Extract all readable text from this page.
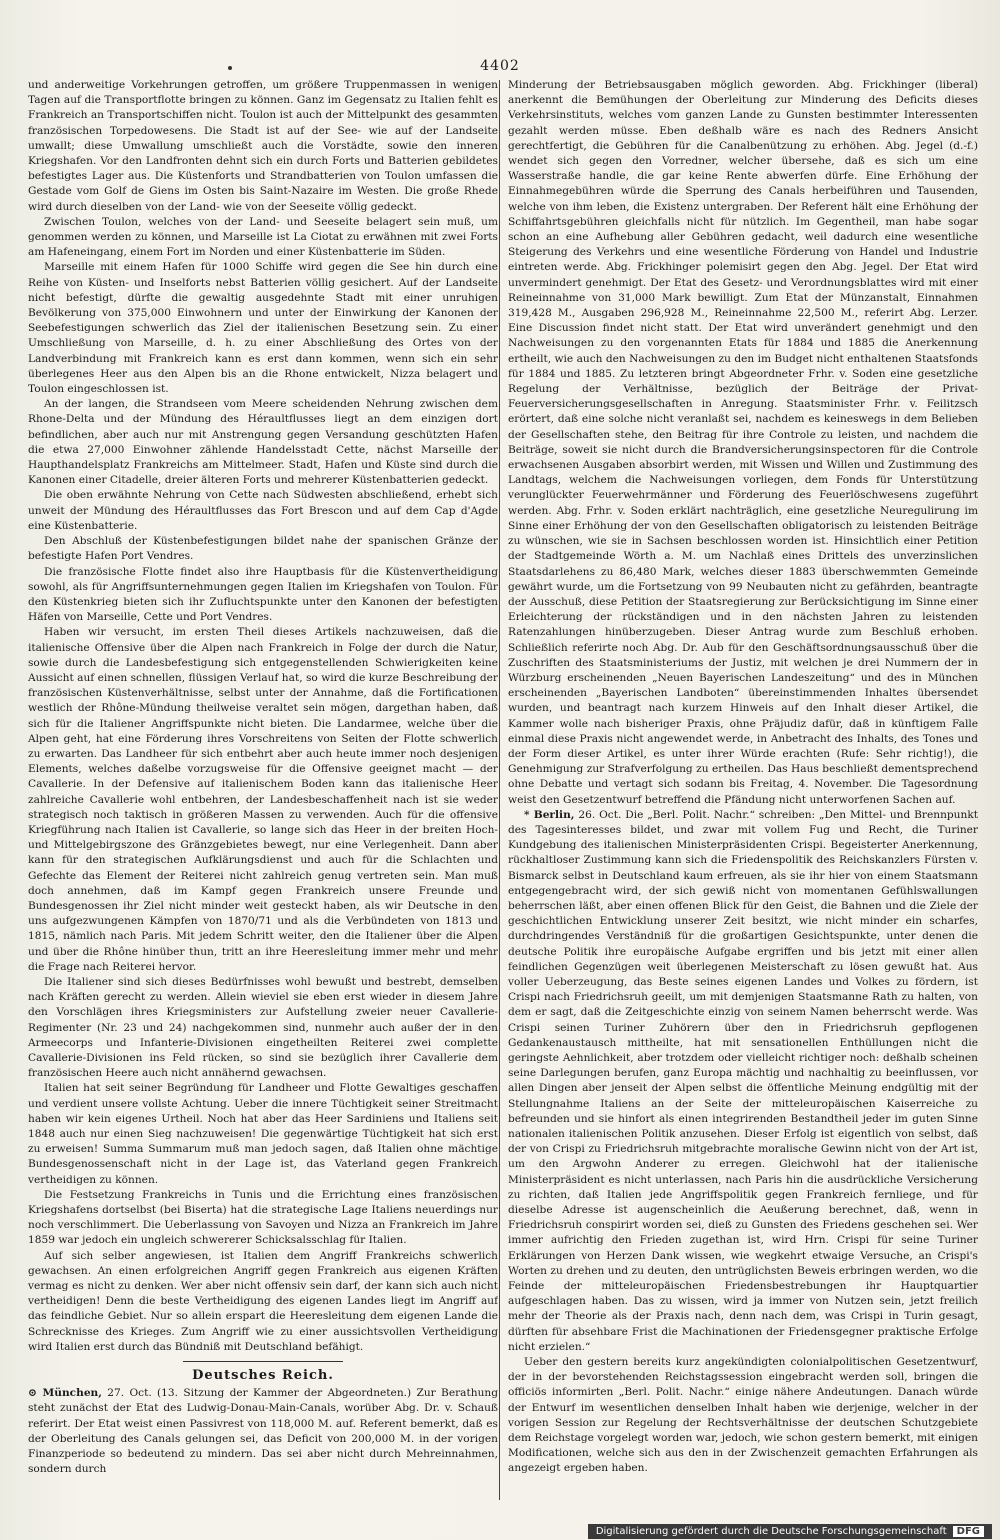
4402

und anderweitige Vorkehrungen getroffen, um größere Truppenmassen in wenigen Tagen auf die Transportflotte bringen zu können. Ganz im Gegensatz zu Italien fehlt es Frankreich an Transportschiffen nicht. Toulon ist auch der Mittelpunkt des gesammten französischen Torpedowesens. Die Stadt ist auf der See- wie auf der Landseite umwallt; diese Umwallung umschließt auch die Vorstädte, sowie den inneren Kriegshafen. Vor den Landfronten dehnt sich ein durch Forts und Batterien gebildetes befestigtes Lager aus. Die Küstenforts und Strandbatterien von Toulon umfassen die Gestade vom Golf de Giens im Osten bis Saint-Nazaire im Westen. Die große Rhede wird durch dieselben von der Land- wie von der Seeseite völlig gedeckt.

Zwischen Toulon, welches von der Land- und Seeseite belagert sein muß, um genommen werden zu können, und Marseille ist La Ciotat zu erwähnen mit zwei Forts am Hafeneingang, einem Fort im Norden und einer Küstenbatterie im Süden.

Marseille mit einem Hafen für 1000 Schiffe wird gegen die See hin durch eine Reihe von Küsten- und Inselforts nebst Batterien völlig gesichert. Auf der Landseite nicht befestigt, dürfte die gewaltig ausgedehnte Stadt mit einer unruhigen Bevölkerung von 375,000 Einwohnern und unter der Einwirkung der Kanonen der Seebefestigungen schwerlich das Ziel der italienischen Besetzung sein. Zu einer Umschließung von Marseille, d. h. zu einer Abschließung des Ortes von der Landverbindung mit Frankreich kann es erst dann kommen, wenn sich ein sehr überlegenes Heer aus den Alpen bis an die Rhone entwickelt, Nizza belagert und Toulon eingeschlossen ist.

An der langen, die Strandseen vom Meere scheidenden Nehrung zwischen dem Rhone-Delta und der Mündung des Héraultflusses liegt an dem einzigen dort befindlichen, aber auch nur mit Anstrengung gegen Versandung geschützten Hafen die etwa 27,000 Einwohner zählende Handelsstadt Cette, nächst Marseille der Haupthandelsplatz Frankreichs am Mittelmeer. Stadt, Hafen und Küste sind durch die Kanonen einer Citadelle, dreier älteren Forts und mehrerer Küstenbatterien gedeckt.

Die oben erwähnte Nehrung von Cette nach Südwesten abschließend, erhebt sich unweit der Mündung des Héraultflusses das Fort Brescon und auf dem Cap d'Agde eine Küstenbatterie.

Den Abschluß der Küstenbefestigungen bildet nahe der spanischen Gränze der befestigte Hafen Port Vendres.

Die französische Flotte findet also ihre Hauptbasis für die Küstenvertheidigung sowohl, als für Angriffsunternehmungen gegen Italien im Kriegshafen von Toulon. Für den Küstenkrieg bieten sich ihr Zufluchtspunkte unter den Kanonen der befestigten Häfen von Marseille, Cette und Port Vendres.

Haben wir versucht, im ersten Theil dieses Artikels nachzuweisen, daß die italienische Offensive über die Alpen nach Frankreich in Folge der durch die Natur, sowie durch die Landesbefestigung sich entgegenstellenden Schwierigkeiten keine Aussicht auf einen schnellen, flüssigen Verlauf hat, so wird die kurze Beschreibung der französischen Küstenverhältnisse, selbst unter der Annahme, daß die Fortificationen westlich der Rhône-Mündung theilweise veraltet sein mögen, dargethan haben, daß sich für die Italiener Angriffspunkte nicht bieten. Die Landarmee, welche über die Alpen geht, hat eine Förderung ihres Vorschreitens von Seiten der Flotte schwerlich zu erwarten. Das Landheer für sich entbehrt aber auch heute immer noch desjenigen Elements, welches daßelbe vorzugsweise für die Offensive geeignet macht — der Cavallerie. In der Defensive auf italienischem Boden kann das italienische Heer zahlreiche Cavallerie wohl entbehren, der Landesbeschaffenheit nach ist sie weder strategisch noch taktisch in größeren Massen zu verwenden. Auch für die offensive Kriegführung nach Italien ist Cavallerie, so lange sich das Heer in der breiten Hoch- und Mittelgebirgszone des Gränzgebietes bewegt, nur eine Verlegenheit. Dann aber kann für den strategischen Aufklärungsdienst und auch für die Schlachten und Gefechte das Element der Reiterei nicht zahlreich genug vertreten sein. Man muß doch annehmen, daß im Kampf gegen Frankreich unsere Freunde und Bundesgenossen ihr Ziel nicht minder weit gesteckt haben, als wir Deutsche in den uns aufgezwungenen Kämpfen von 1870/71 und als die Verbündeten von 1813 und 1815, nämlich nach Paris. Mit jedem Schritt weiter, den die Italiener über die Alpen und über die Rhône hinüber thun, tritt an ihre Heeresleitung immer mehr und mehr die Frage nach Reiterei hervor.

Die Italiener sind sich dieses Bedürfnisses wohl bewußt und bestrebt, demselben nach Kräften gerecht zu werden. Allein wieviel sie eben erst wieder in diesem Jahre den Vorschlägen ihres Kriegsministers zur Aufstellung zweier neuer Cavallerie-Regimenter (Nr. 23 und 24) nachgekommen sind, nunmehr auch außer der in den Armeecorps und Infanterie-Divisionen eingetheilten Reiterei zwei complette Cavallerie-Divisionen ins Feld rücken, so sind sie bezüglich ihrer Cavallerie dem französischen Heere auch nicht annähernd gewachsen.

Italien hat seit seiner Begründung für Landheer und Flotte Gewaltiges geschaffen und verdient unsere vollste Achtung. Ueber die innere Tüchtigkeit seiner Streitmacht haben wir kein eigenes Urtheil. Noch hat aber das Heer Sardiniens und Italiens seit 1848 auch nur einen Sieg nachzuweisen! Die gegenwärtige Tüchtigkeit hat sich erst zu erweisen! Summa Summarum muß man jedoch sagen, daß Italien ohne mächtige Bundesgenossenschaft nicht in der Lage ist, das Vaterland gegen Frankreich vertheidigen zu können.

Die Festsetzung Frankreichs in Tunis und die Errichtung eines französischen Kriegshafens dortselbst (bei Biserta) hat die strategische Lage Italiens neuerdings nur noch verschlimmert. Die Ueberlassung von Savoyen und Nizza an Frankreich im Jahre 1859 war jedoch ein ungleich schwererer Schicksalsschlag für Italien.

Auf sich selber angewiesen, ist Italien dem Angriff Frankreichs schwerlich gewachsen. An einen erfolgreichen Angriff gegen Frankreich aus eigenen Kräften vermag es nicht zu denken. Wer aber nicht offensiv sein darf, der kann sich auch nicht vertheidigen! Denn die beste Vertheidigung des eigenen Landes liegt im Angriff auf das feindliche Gebiet. Nur so allein erspart die Heeresleitung dem eigenen Lande die Schrecknisse des Krieges. Zum Angriff wie zu einer aussichtsvollen Vertheidigung wird Italien erst durch das Bündniß mit Deutschland befähigt.

Deutsches Reich.

⊙ München, 27. Oct. (13. Sitzung der Kammer der Abgeordneten.) Zur Berathung steht zunächst der Etat des Ludwig-Donau-Main-Canals, worüber Abg. Dr. v. Schauß referirt. Der Etat weist einen Passivrest von 118,000 M. auf. Referent bemerkt, daß es der Oberleitung des Canals gelungen sei, das Deficit von 200,000 M. in der vorigen Finanzperiode so bedeutend zu mindern. Das sei aber nicht durch Mehreinnahmen, sondern durch

Minderung der Betriebsausgaben möglich geworden. Abg. Frickhinger (liberal) anerkennt die Bemühungen der Oberleitung zur Minderung des Deficits dieses Verkehrsinstituts, welches vom ganzen Lande zu Gunsten bestimmter Interessenten gezahlt werden müsse. Eben deßhalb wäre es nach des Redners Ansicht gerechtfertigt, die Gebühren für die Canalbenützung zu erhöhen. Abg. Jegel (d.-f.) wendet sich gegen den Vorredner, welcher übersehe, daß es sich um eine Wasserstraße handle, die gar keine Rente abwerfen dürfe. Eine Erhöhung der Einnahmegebühren würde die Sperrung des Canals herbeiführen und Tausenden, welche von ihm leben, die Existenz untergraben. Der Referent hält eine Erhöhung der Schiffahrtsgebühren gleichfalls nicht für nützlich. Im Gegentheil, man habe sogar schon an eine Aufhebung aller Gebühren gedacht, weil dadurch eine wesentliche Steigerung des Verkehrs und eine wesentliche Förderung von Handel und Industrie eintreten werde. Abg. Frickhinger polemisirt gegen den Abg. Jegel. Der Etat wird unvermindert genehmigt. Der Etat des Gesetz- und Verordnungsblattes wird mit einer Reineinnahme von 31,000 Mark bewilligt. Zum Etat der Münzanstalt, Einnahmen 319,428 M., Ausgaben 296,928 M., Reineinnahme 22,500 M., referirt Abg. Lerzer. Eine Discussion findet nicht statt. Der Etat wird unverändert genehmigt und den Nachweisungen zu den vorgenannten Etats für 1884 und 1885 die Anerkennung ertheilt, wie auch den Nachweisungen zu den im Budget nicht enthaltenen Staatsfonds für 1884 und 1885. Zu letzteren bringt Abgeordneter Frhr. v. Soden eine gesetzliche Regelung der Verhältnisse, bezüglich der Beiträge der Privat-Feuerversicherungsgesellschaften in Anregung. Staatsminister Frhr. v. Feilitzsch erörtert, daß eine solche nicht veranlaßt sei, nachdem es keineswegs in dem Belieben der Gesellschaften stehe, den Beitrag für ihre Controle zu leisten, und nachdem die Beiträge, soweit sie nicht durch die Brandversicherungsinspectoren für die Controle erwachsenen Ausgaben absorbirt werden, mit Wissen und Willen und Zustimmung des Landtags, welchem die Nachweisungen vorliegen, dem Fonds für Unterstützung verunglückter Feuerwehrmänner und Förderung des Feuerlöschwesens zugeführt werden. Abg. Frhr. v. Soden erklärt nachträglich, eine gesetzliche Neuregulirung im Sinne einer Erhöhung der von den Gesellschaften obligatorisch zu leistenden Beiträge zu wünschen, wie sie in Sachsen beschlossen worden ist. Hinsichtlich einer Petition der Stadtgemeinde Wörth a. M. um Nachlaß eines Drittels des unverzinslichen Staatsdarlehens zu 86,480 Mark, welches dieser 1883 überschwemmten Gemeinde gewährt wurde, um die Fortsetzung von 99 Neubauten nicht zu gefährden, beantragte der Ausschuß, diese Petition der Staatsregierung zur Berücksichtigung im Sinne einer Erleichterung der rückständigen und in den nächsten Jahren zu leistenden Ratenzahlungen hinüberzugeben. Dieser Antrag wurde zum Beschluß erhoben. Schließlich referirte noch Abg. Dr. Aub für den Geschäftsordnungsausschuß über die Zuschriften des Staatsministeriums der Justiz, mit welchen je drei Nummern der in Würzburg erscheinenden „Neuen Bayerischen Landeszeitung“ und des in München erscheinenden „Bayerischen Landboten“ übereinstimmenden Inhaltes übersendet wurden, und beantragt nach kurzem Hinweis auf den Inhalt dieser Artikel, die Kammer wolle nach bisheriger Praxis, ohne Präjudiz dafür, daß in künftigem Falle einmal diese Praxis nicht angewendet werde, in Anbetracht des Inhalts, des Tones und der Form dieser Artikel, es unter ihrer Würde erachten (Rufe: Sehr richtig!), die Genehmigung zur Strafverfolgung zu ertheilen. Das Haus beschließt dementsprechend ohne Debatte und vertagt sich sodann bis Freitag, 4. November. Die Tagesordnung weist den Gesetzentwurf betreffend die Pfändung nicht unterworfenen Sachen auf.

* Berlin, 26. Oct. Die „Berl. Polit. Nachr.“ schreiben: „Den Mittel- und Brennpunkt des Tagesinteresses bildet, und zwar mit vollem Fug und Recht, die Turiner Kundgebung des italienischen Ministerpräsidenten Crispi. Begeisterter Anerkennung, rückhaltloser Zustimmung kann sich die Friedenspolitik des Reichskanzlers Fürsten v. Bismarck selbst in Deutschland kaum erfreuen, als sie ihr hier von einem Staatsmann entgegengebracht wird, der sich gewiß nicht von momentanen Gefühlswallungen beherrschen läßt, aber einen offenen Blick für den Geist, die Bahnen und die Ziele der geschichtlichen Entwicklung unserer Zeit besitzt, wie nicht minder ein scharfes, durchdringendes Verständniß für die großartigen Gesichtspunkte, unter denen die deutsche Politik ihre europäische Aufgabe ergriffen und bis jetzt mit einer allen feindlichen Gegenzügen weit überlegenen Meisterschaft zu lösen gewußt hat. Aus voller Ueberzeugung, das Beste seines eigenen Landes und Volkes zu fördern, ist Crispi nach Friedrichsruh geeilt, um mit demjenigen Staatsmanne Rath zu halten, von dem er sagt, daß die Zeitgeschichte einzig von seinem Namen beherrscht werde. Was Crispi seinen Turiner Zuhörern über den in Friedrichsruh gepflogenen Gedankenaustausch mittheilte, hat mit sensationellen Enthüllungen nicht die geringste Aehnlichkeit, aber trotzdem oder vielleicht richtiger noch: deßhalb scheinen seine Darlegungen berufen, ganz Europa mächtig und nachhaltig zu beeinflussen, vor allen Dingen aber jenseit der Alpen selbst die öffentliche Meinung endgültig mit der Stellungnahme Italiens an der Seite der mitteleuropäischen Kaiserreiche zu befreunden und sie hinfort als einen integrirenden Bestandtheil jeder im guten Sinne nationalen italienischen Politik anzusehen. Dieser Erfolg ist eigentlich von selbst, daß der von Crispi zu Friedrichsruh mitgebrachte moralische Gewinn nicht von der Art ist, um den Argwohn Anderer zu erregen. Gleichwohl hat der italienische Ministerpräsident es nicht unterlassen, nach Paris hin die ausdrückliche Versicherung zu richten, daß Italien jede Angriffspolitik gegen Frankreich fernliege, und für dieselbe Adresse ist augenscheinlich die Aeußerung berechnet, daß, wenn in Friedrichsruh conspirirt worden sei, dieß zu Gunsten des Friedens geschehen sei. Wer immer aufrichtig den Frieden zugethan ist, wird Hrn. Crispi für seine Turiner Erklärungen von Herzen Dank wissen, wie wegkehrt etwaige Versuche, an Crispi's Worten zu drehen und zu deuten, den untrüglichsten Beweis erbringen werden, wo die Feinde der mitteleuropäischen Friedensbestrebungen ihr Hauptquartier aufgeschlagen haben. Das zu wissen, wird ja immer von Nutzen sein, jetzt freilich mehr der Theorie als der Praxis nach, denn nach dem, was Crispi in Turin gesagt, dürften für absehbare Frist die Machinationen der Friedensgegner praktische Erfolge nicht erzielen.“

Ueber den gestern bereits kurz angekündigten colonialpolitischen Gesetzentwurf, der in der bevorstehenden Reichstagssession eingebracht werden soll, bringen die officiös informirten „Berl. Polit. Nachr.“ einige nähere Andeutungen. Danach würde der Entwurf im wesentlichen denselben Inhalt haben wie derjenige, welcher in der vorigen Session zur Regelung der Rechtsverhältnisse der deutschen Schutzgebiete dem Reichstage vorgelegt worden war, jedoch, wie schon gestern bemerkt, mit einigen Modificationen, welche sich aus den in der Zwischenzeit gemachten Erfahrungen als angezeigt ergeben haben.

Digitalisierung gefördert durch die Deutsche Forschungsgemeinschaft DFG
